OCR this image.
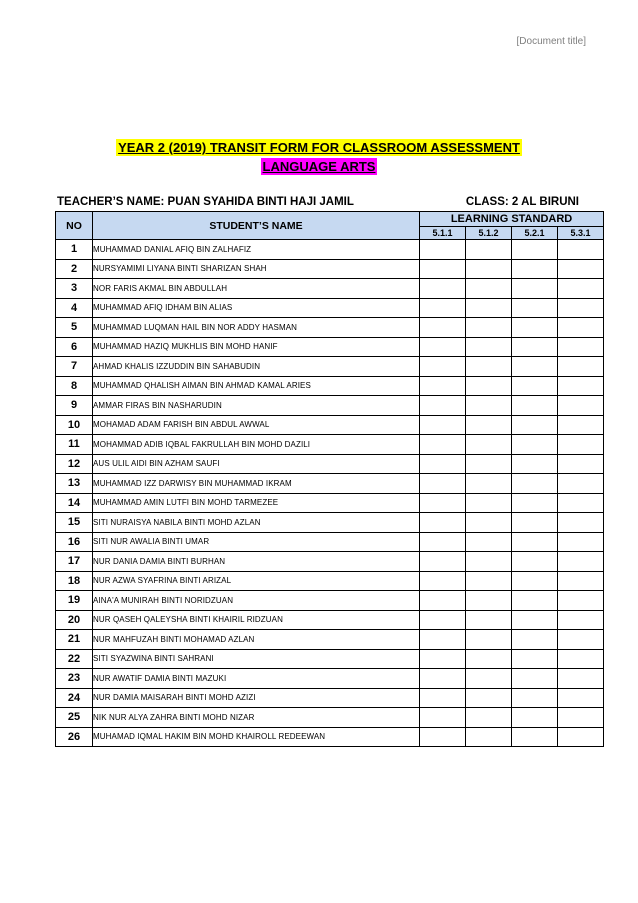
[Document title]
YEAR 2 (2019) TRANSIT FORM FOR CLASSROOM ASSESSMENT
LANGUAGE ARTS
TEACHER’S NAME: PUAN SYAHIDA BINTI HAJI JAMIL	CLASS: 2 AL BIRUNI
NO	STUDENT’S NAME	LEARNING STANDARD			
		5.1.1	5.1.2	5.2.1	5.3.1
1	MUHAMMAD DANIAL AFIQ BIN ZALHAFIZ				
2	NURSYAMIMI LIYANA BINTI SHARIZAN SHAH				
3	NOR FARIS AKMAL BIN ABDULLAH				
4	MUHAMMAD AFIQ IDHAM BIN ALIAS				
5	MUHAMMAD LUQMAN HAIL BIN NOR ADDY HASMAN				
6	MUHAMMAD HAZIQ MUKHLIS BIN MOHD HANIF				
7	AHMAD KHALIS IZZUDDIN BIN SAHABUDIN				
8	MUHAMMAD QHALISH AIMAN BIN AHMAD KAMAL ARIES				
9	AMMAR FIRAS BIN NASHARUDIN				
10	MOHAMAD ADAM FARISH BIN ABDUL AWWAL				
11	MOHAMMAD ADIB IQBAL FAKRULLAH BIN MOHD DAZILI				
12	AUS ULIL AIDI BIN AZHAM SAUFI				
13	MUHAMMAD IZZ DARWISY BIN MUHAMMAD IKRAM				
14	MUHAMMAD AMIN LUTFI BIN MOHD TARMEZEE				
15	SITI NURAISYA NABILA BINTI MOHD AZLAN				
16	SITI NUR AWALIA BINTI UMAR				
17	NUR DANIA DAMIA BINTI BURHAN				
18	NUR AZWA SYAFRINA BINTI ARIZAL				
19	AINA'A MUNIRAH BINTI NORIDZUAN				
20	NUR QASEH QALEYSHA BINTI KHAIRIL RIDZUAN				
21	NUR MAHFUZAH BINTI MOHAMAD AZLAN				
22	SITI SYAZWINA BINTI SAHRANI				
23	NUR AWATIF DAMIA BINTI MAZUKI				
24	NUR DAMIA MAISARAH BINTI MOHD AZIZI				
25	NIK NUR ALYA ZAHRA BINTI MOHD NIZAR				
26	MUHAMAD IQMAL HAKIM BIN MOHD KHAIROLL REDEEWAN				
